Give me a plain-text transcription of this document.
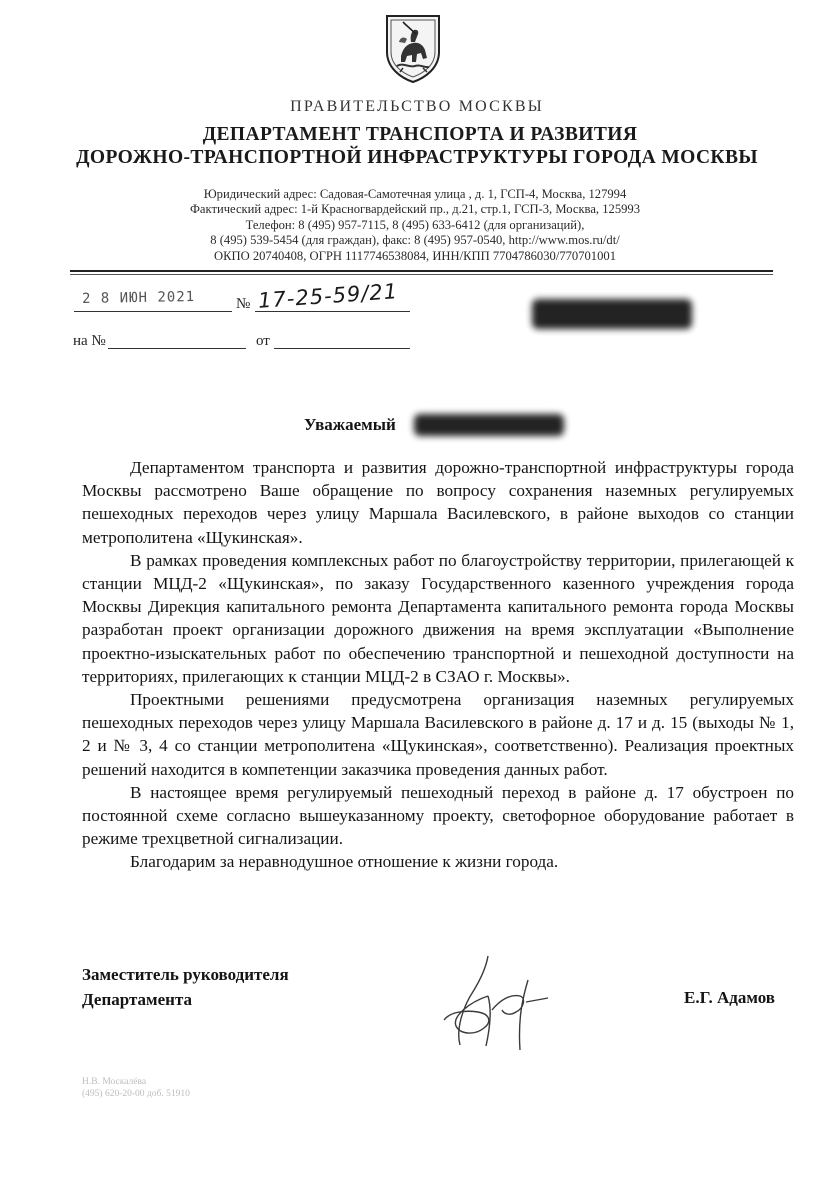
ПРАВИТЕЛЬСТВО МОСКВЫ
ДЕПАРТАМЕНТ ТРАНСПОРТА И РАЗВИТИЯ
ДОРОЖНО-ТРАНСПОРТНОЙ ИНФРАСТРУКТУРЫ ГОРОДА МОСКВЫ
Юридический адрес: Садовая-Самотечная улица , д. 1, ГСП-4, Москва, 127994
Фактический адрес: 1-й Красногвардейский пр., д.21, стр.1, ГСП-3, Москва, 125993
Телефон: 8 (495) 957-7115, 8 (495) 633-6412 (для организаций),
8 (495) 539-5454 (для граждан), факс: 8 (495) 957-0540, http://www.mos.ru/dt/
ОКПО 20740408, ОГРН 1117746538084, ИНН/КПП 7704786030/770701001
2 8 ИЮН 2021	№ 17-25-59/21
на №	от
Уважаемый

Департаментом транспорта и развития дорожно-транспортной инфраструктуры города Москвы рассмотрено Ваше обращение по вопросу сохранения наземных регулируемых пешеходных переходов через улицу Маршала Василевского, в районе выходов со станции метрополитена «Щукинская».

В рамках проведения комплексных работ по благоустройству территории, прилегающей к станции МЦД-2 «Щукинская», по заказу Государственного казенного учреждения города Москвы Дирекция капитального ремонта Департамента капитального ремонта города Москвы разработан проект организации дорожного движения на время эксплуатации «Выполнение проектно-изыскательных работ по обеспечению транспортной и пешеходной доступности на территориях, прилегающих к станции МЦД-2 в СЗАО г. Москвы».

Проектными решениями предусмотрена организация наземных регулируемых пешеходных переходов через улицу Маршала Василевского в районе д. 17 и д. 15 (выходы № 1, 2 и № 3, 4 со станции метрополитена «Щукинская», соответственно). Реализация проектных решений находится в компетенции заказчика проведения данных работ.

В настоящее время регулируемый пешеходный переход в районе д. 17 обустроен по постоянной схеме согласно вышеуказанному проекту, светофорное оборудование работает в режиме трехцветной сигнализации.

Благодарим за неравнодушное отношение к жизни города.

Заместитель руководителя
Департамента	Е.Г. Адамов
Н.В. Москалёва
(495) 620-20-00 доб. 51910
